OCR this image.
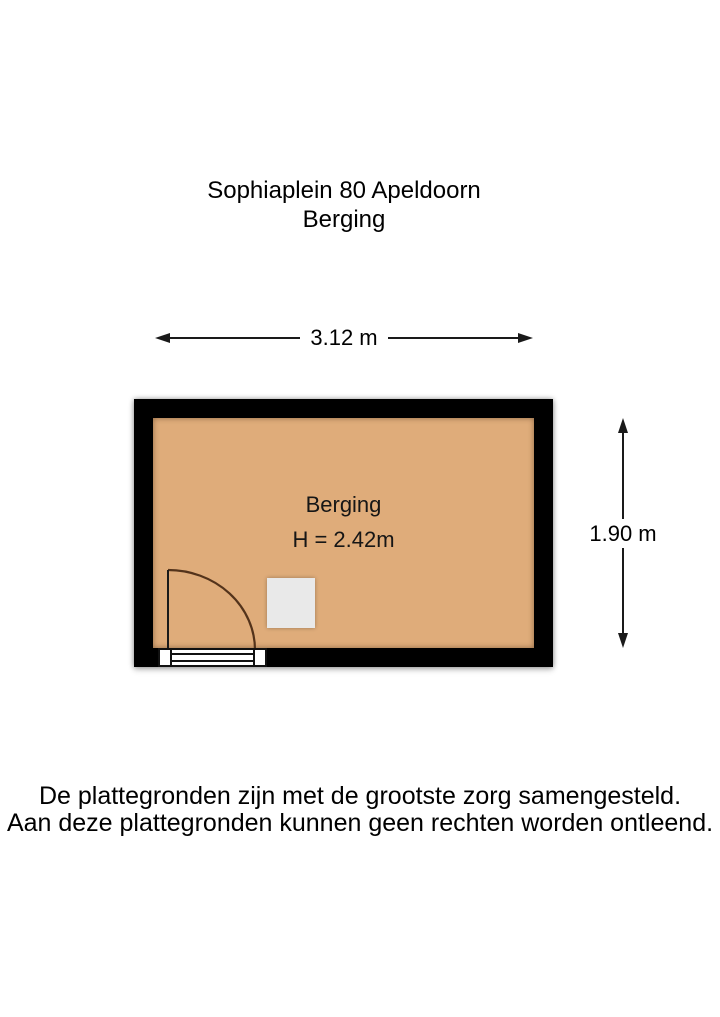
Sophiaplein 80 Apeldoorn
Berging
3.12 m
Berging
H = 2.42m	1.90 m
De plattegronden zijn met de grootste zorg samengesteld.
Aan deze plattegronden kunnen geen rechten worden ontleend.
